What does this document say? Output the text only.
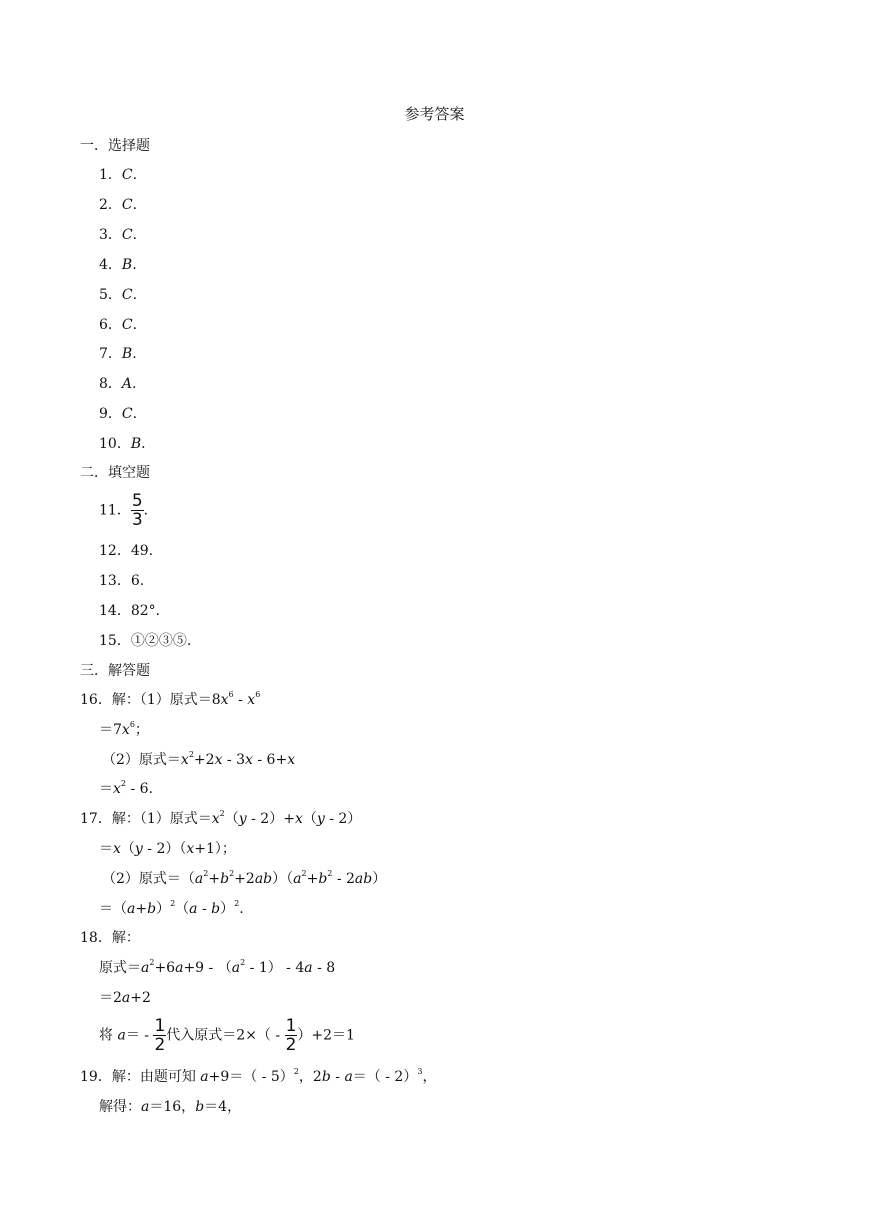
参考答案
一．选择题
1．C.
2．C.
3．C.
4．B.
5．C.
6．C.
7．B.
8．A.
9．C.
10．B.
二．填空题
11． $\frac{5}{3}$ .
12．49.
13．6.
14．82°．
15．①②③⑤.
三．解答题
16．解：（1）原式$=8x^6 - x^6$
$=7x^6$；
（2）原式$=x^2+2x - 3x - 6+x$
$=x^2 - 6$.
17．解：（1）原式$=x^2(y - 2)+x(y - 2)$
＝x（y - 2）（x+1）；
（2）原式$=(a^2+b^2+2ab)(a^2+b^2 - 2ab)$
$=(a+b)^2(a - b)^2$.
18．解：
原式$=a^2+6a+9 - (a^2 - 1) - 4a - 8$
＝2a+2
将 $a= - \frac{1}{2}$ 代入原式$=2\times( - \frac{1}{2} )+2=1$
19．解：由题可知 a+9＝（ - 5）$^2$，2b - a＝（ - 2）$^3$，
解得：a＝16，b＝4，
